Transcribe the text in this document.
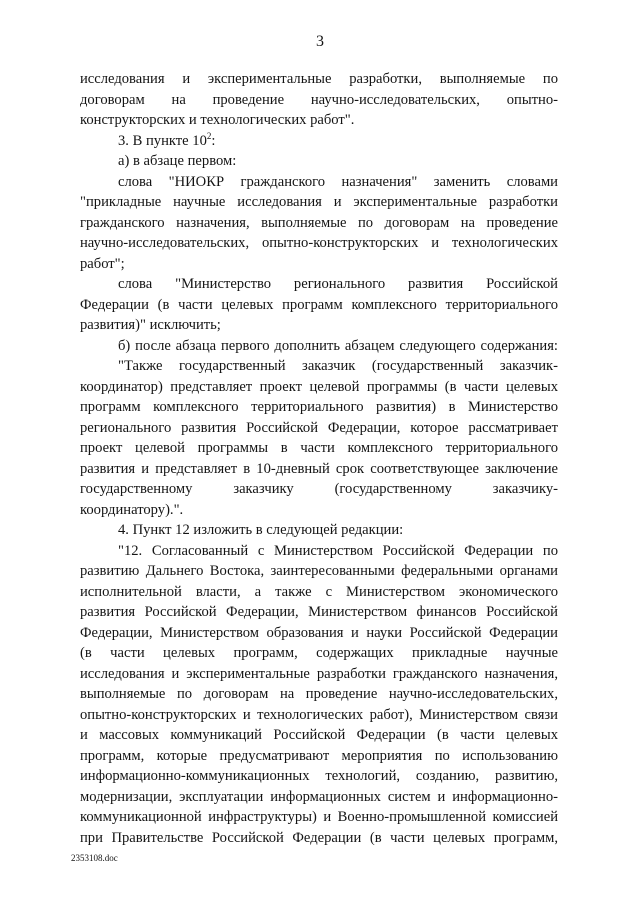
3
исследования и экспериментальные разработки, выполняемые по
договорам на проведение научно-исследовательских, опытно-
конструкторских и технологических работ".
3. В пункте $10^2$:
а) в абзаце первом:
слова "НИОКР гражданского назначения" заменить словами
"прикладные научные исследования и экспериментальные разработки
гражданского назначения, выполняемые по договорам на проведение
научно-исследовательских, опытно-конструкторских и технологических
работ";
слова "Министерство регионального развития Российской
Федерации (в части целевых программ комплексного территориального
развития)" исключить;
б) после абзаца первого дополнить абзацем следующего содержания:
"Также государственный заказчик (государственный заказчик-
координатор) представляет проект целевой программы (в части целевых
программ комплексного территориального развития) в Министерство
регионального развития Российской Федерации, которое рассматривает
проект целевой программы в части комплексного территориального
развития и представляет в 10-дневный срок соответствующее заключение
государственному заказчику (государственному заказчику-
координатору).".
4. Пункт 12 изложить в следующей редакции:
"12. Согласованный с Министерством Российской Федерации по
развитию Дальнего Востока, заинтересованными федеральными органами
исполнительной власти, а также с Министерством экономического
развития Российской Федерации, Министерством финансов Российской
Федерации, Министерством образования и науки Российской Федерации
(в части целевых программ, содержащих прикладные научные
исследования и экспериментальные разработки гражданского назначения,
выполняемые по договорам на проведение научно-исследовательских,
опытно-конструкторских и технологических работ), Министерством связи
и массовых коммуникаций Российской Федерации (в части целевых
программ, которые предусматривают мероприятия по использованию
информационно-коммуникационных технологий, созданию, развитию,
модернизации, эксплуатации информационных систем и информационно-
коммуникационной инфраструктуры) и Военно-промышленной комиссией
при Правительстве Российской Федерации (в части целевых программ,
2353108.doc
